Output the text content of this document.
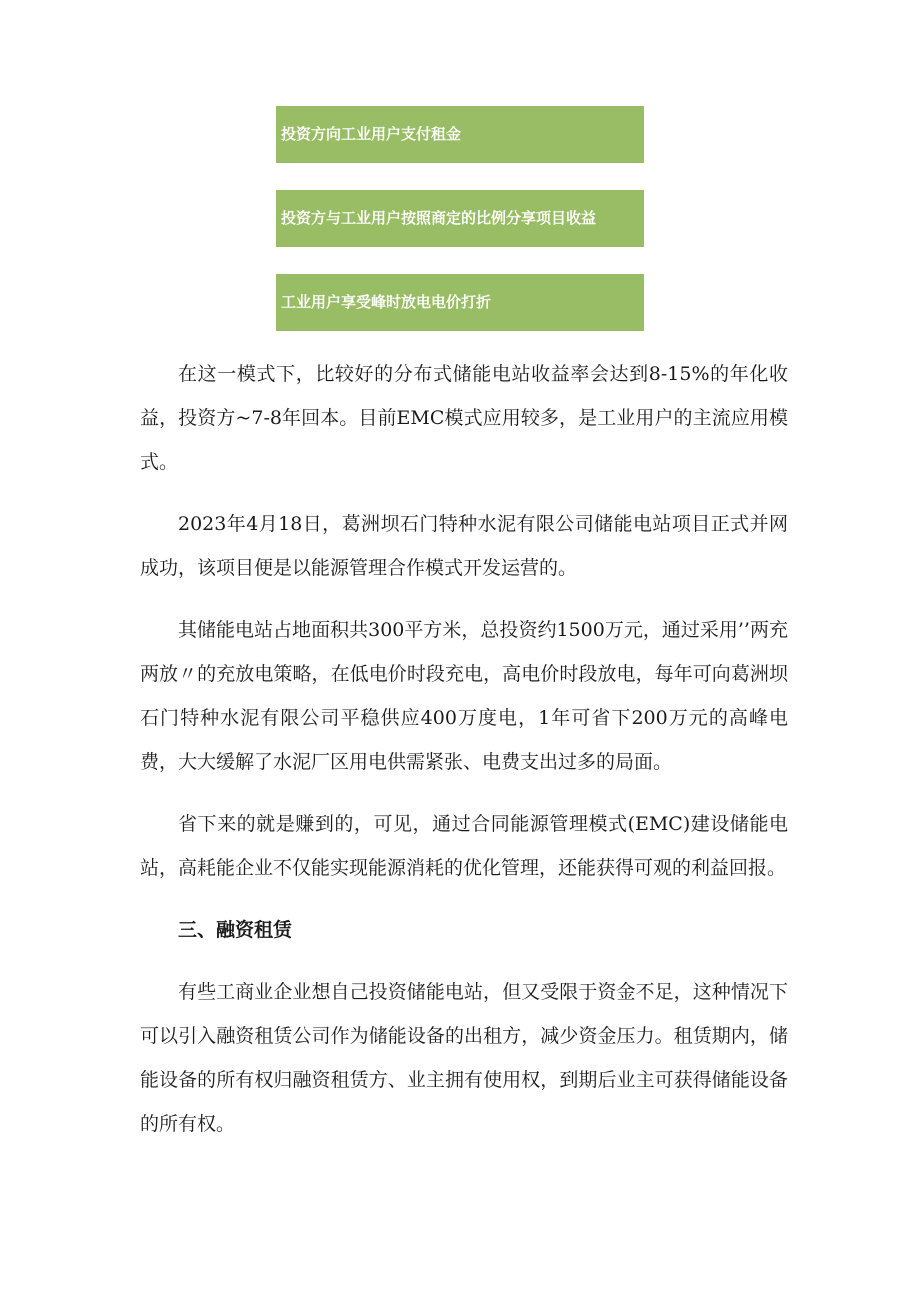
投资方向工业用户支付租金
投资方与工业用户按照商定的比例分享项目收益
工业用户享受峰时放电电价打折

在这一模式下，比较好的分布式储能电站收益率会达到8-15%的年化收益，投资方~7-8年回本。目前EMC模式应用较多，是工业用户的主流应用模式。

2023年4月18日，葛洲坝石门特种水泥有限公司储能电站项目正式并网成功，该项目便是以能源管理合作模式开发运营的。

其储能电站占地面积共300平方米，总投资约1500万元，通过采用’’两充两放〃的充放电策略，在低电价时段充电，高电价时段放电，每年可向葛洲坝石门特种水泥有限公司平稳供应400万度电，1年可省下200万元的高峰电费，大大缓解了水泥厂区用电供需紧张、电费支出过多的局面。

省下来的就是赚到的，可见，通过合同能源管理模式(EMC)建设储能电站，高耗能企业不仅能实现能源消耗的优化管理，还能获得可观的利益回报。

三、融资租赁

有些工商业企业想自己投资储能电站，但又受限于资金不足，这种情况下可以引入融资租赁公司作为储能设备的出租方，减少资金压力。租赁期内，储能设备的所有权归融资租赁方、业主拥有使用权，到期后业主可获得储能设备的所有权。
